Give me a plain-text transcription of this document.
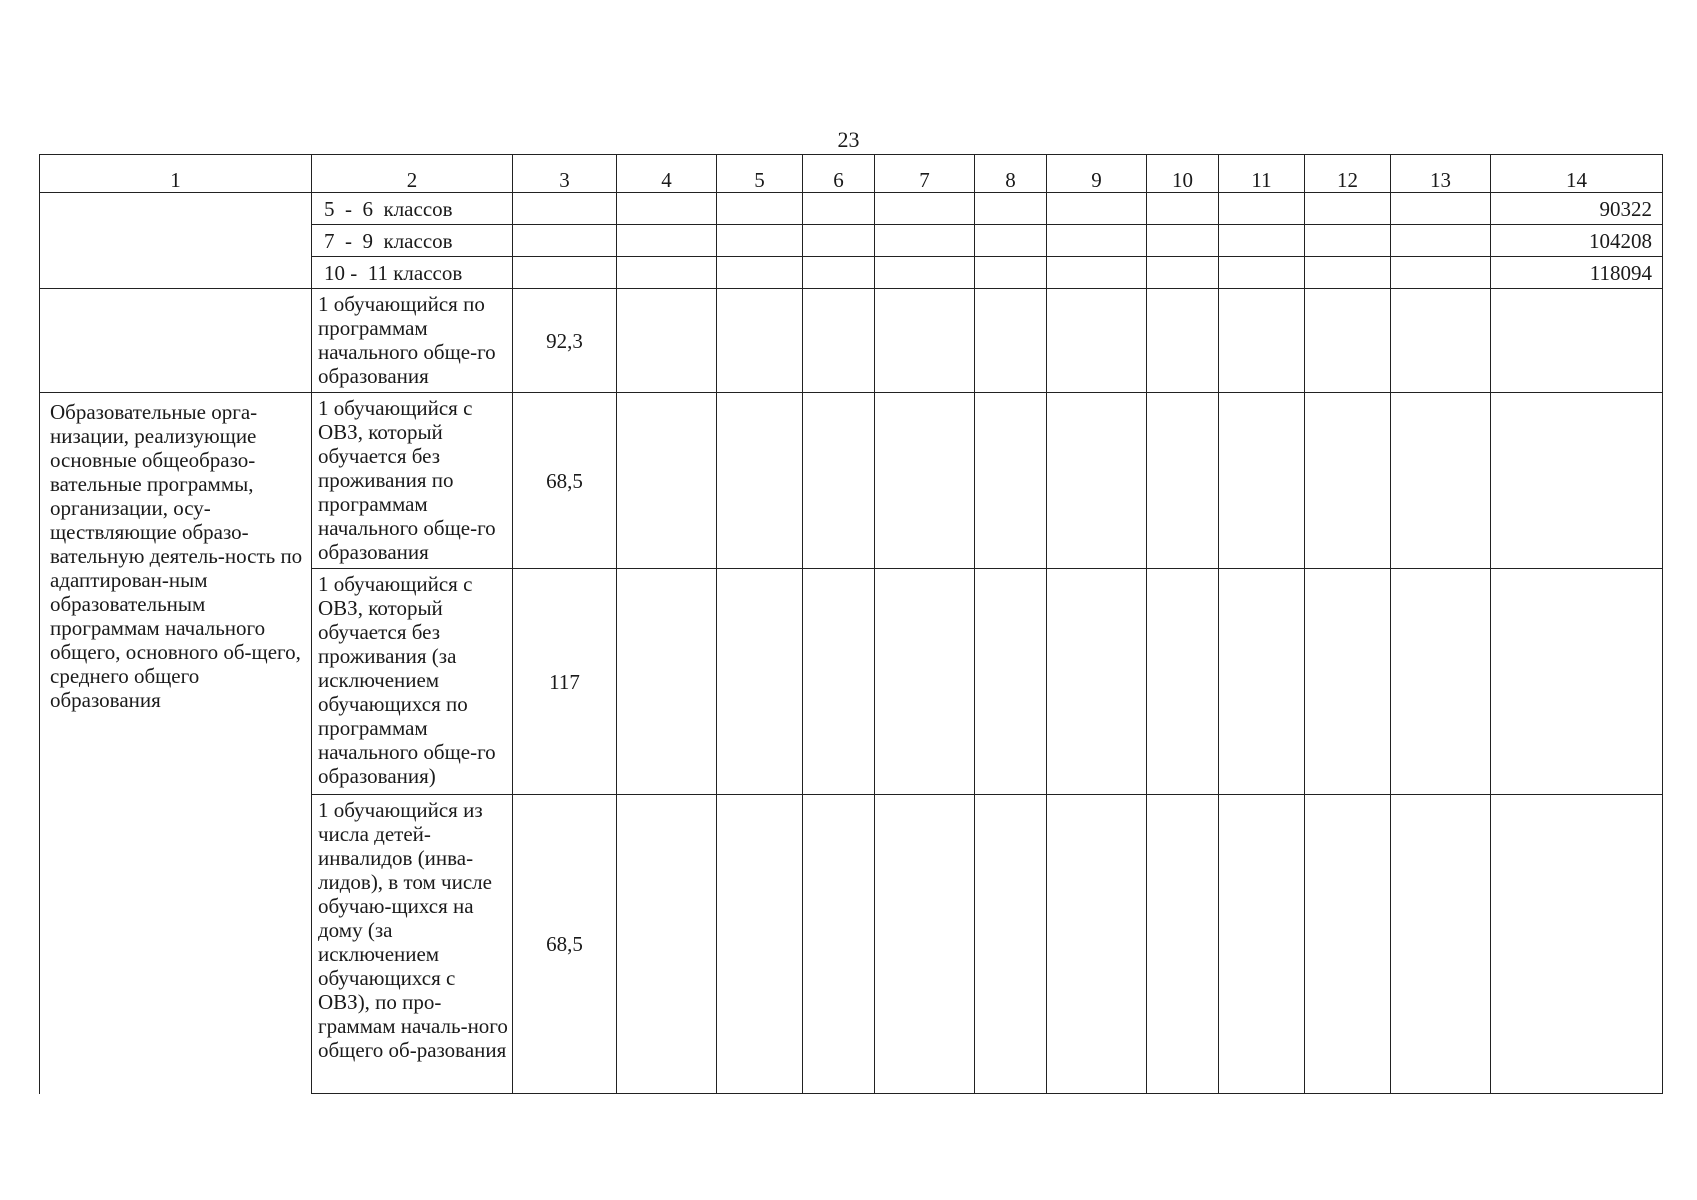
23
1	2	3	4	5	6	7	8	9	10	11	12	13	14
	5  -  6  классов												90322
	7  -  9  классов												104208
	10 -  11 классов												118094
	1 обучающийся по программам начального обще-го образования	92,3											
Образовательные орга-низации, реализующие основные общеобразо-вательные программы, организации, осу-ществляющие образо-вательную деятель-ность по адаптирован-ным образовательным программам начального общего, основного об-щего, среднего общего образования	1 обучающийся с ОВЗ, который обучается без проживания по программам начального обще-го образования	68,5											
	1 обучающийся с ОВЗ, который обучается без проживания (за исключением обучающихся по программам начального обще-го образования)	117											
	1 обучающийся из числа детей-инвалидов (инва-лидов), в том числе обучаю-щихся на дому (за исключением обучающихся с ОВЗ), по про-граммам началь-ного общего об-разования	68,5											
